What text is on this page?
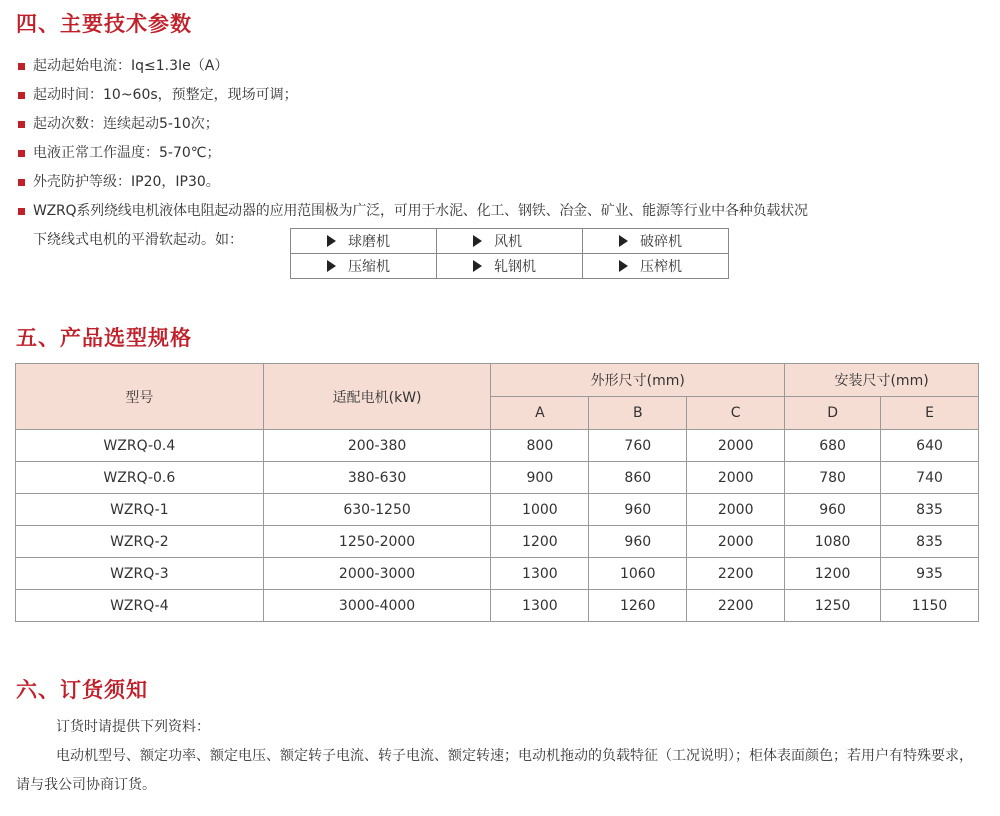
四、主要技术参数
起动起始电流：Iq≤1.3Ie（A）
起动时间：10~60s，预整定，现场可调；
起动次数：连续起动5-10次；
电液正常工作温度：5-70℃；
外壳防护等级：IP20，IP30。
WZRQ系列绕线电机液体电阻起动器的应用范围极为广泛，可用于水泥、化工、钢铁、冶金、矿业、能源等行业中各种负载状况
下绕线式电机的平滑软起动。如：	球磨机	风机	破碎机
压缩机	轧钢机	压榨机
五、产品选型规格
型号	适配电机(kW)	外形尺寸(mm)			安装尺寸(mm)	
		A	B	C	D	E
WZRQ-0.4	200-380	800	760	2000	680	640
WZRQ-0.6	380-630	900	860	2000	780	740
WZRQ-1	630-1250	1000	960	2000	960	835
WZRQ-2	1250-2000	1200	960	2000	1080	835
WZRQ-3	2000-3000	1300	1060	2200	1200	935
WZRQ-4	3000-4000	1300	1260	2200	1250	1150
六、订货须知
订货时请提供下列资料：

电动机型号、额定功率、额定电压、额定转子电流、转子电流、额定转速；电动机拖动的负载特征（工况说明）；柜体表面颜色；若用户有特殊要求，请与我公司协商订货。
